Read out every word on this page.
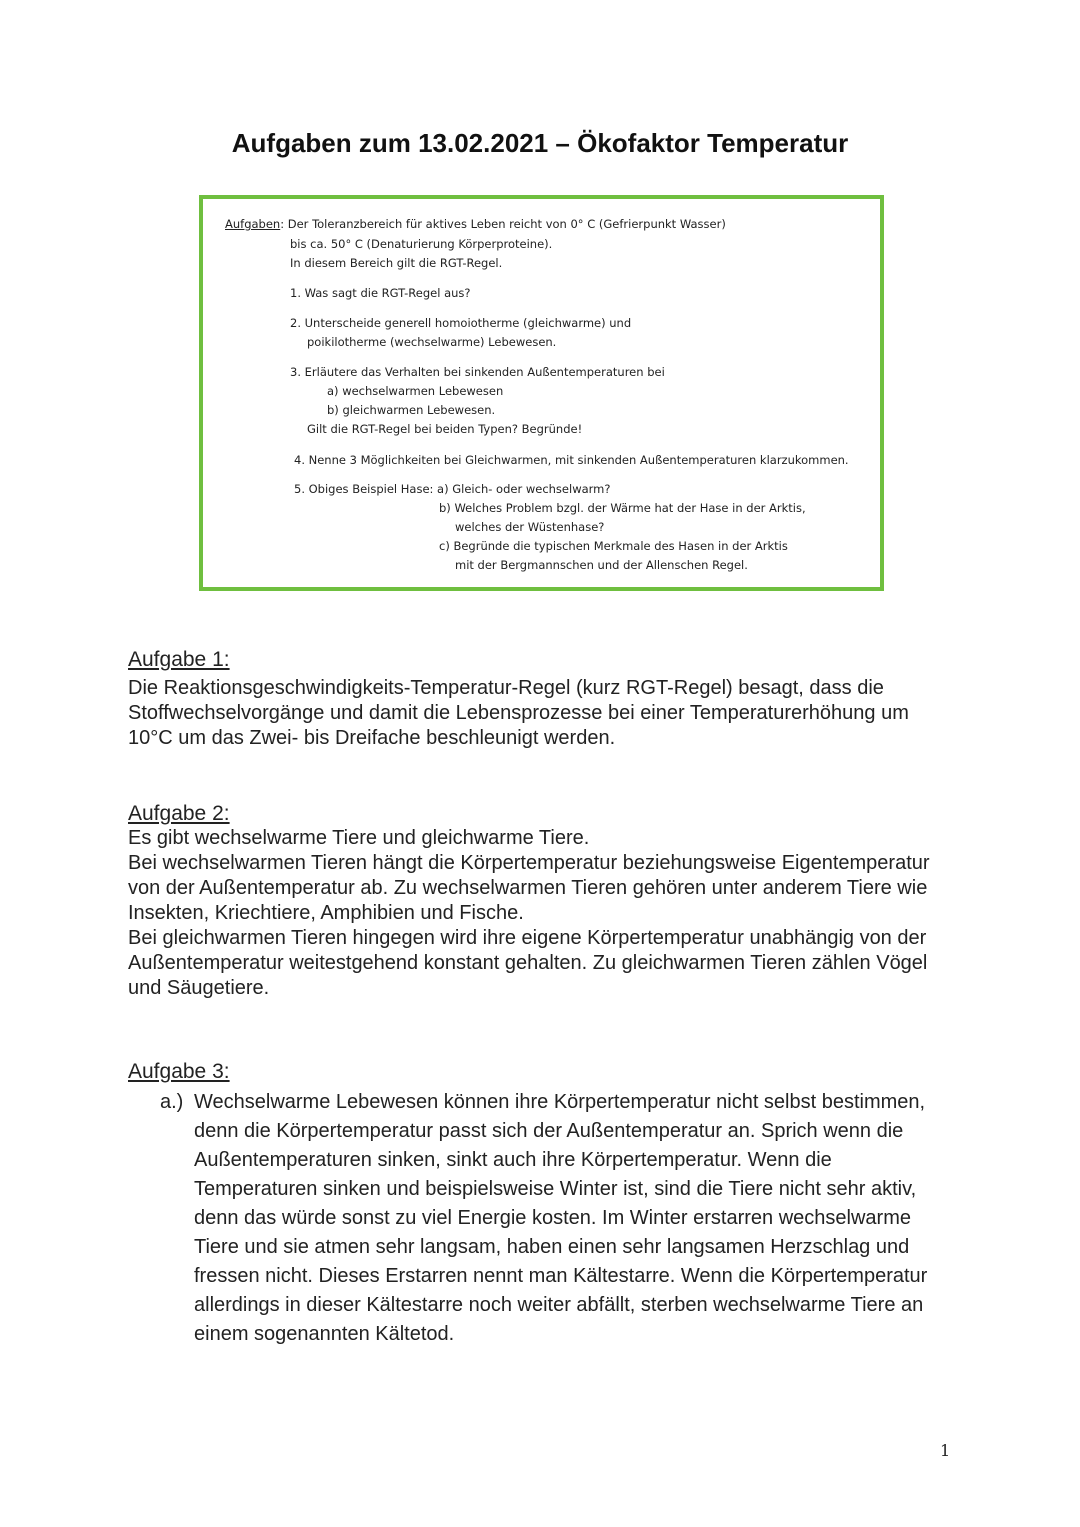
Aufgaben zum 13.02.2021 – Ökofaktor Temperatur
Aufgaben: Der Toleranzbereich für aktives Leben reicht von 0° C (Gefrierpunkt Wasser)
bis ca. 50° C (Denaturierung Körperproteine).
In diesem Bereich gilt die RGT-Regel.
1. Was sagt die RGT-Regel aus?
2. Unterscheide generell homoiotherme (gleichwarme) und
poikilotherme (wechselwarme) Lebewesen.
3. Erläutere das Verhalten bei sinkenden Außentemperaturen bei
a) wechselwarmen Lebewesen
b) gleichwarmen Lebewesen.
Gilt die RGT-Regel bei beiden Typen? Begründe!
4. Nenne 3 Möglichkeiten bei Gleichwarmen, mit sinkenden Außentemperaturen klarzukommen.
5. Obiges Beispiel Hase: a) Gleich- oder wechselwarm?
b) Welches Problem bzgl. der Wärme hat der Hase in der Arktis,
welches der Wüstenhase?
c) Begründe die typischen Merkmale des Hasen in der Arktis
mit der Bergmannschen und der Allenschen Regel.
Aufgabe 1:

Die Reaktionsgeschwindigkeits-Temperatur-Regel (kurz RGT-Regel) besagt, dass die Stoffwechselvorgänge und damit die Lebensprozesse bei einer Temperaturerhöhung um 10°C um das Zwei- bis Dreifache beschleunigt werden.

Aufgabe 2:

Es gibt wechselwarme Tiere und gleichwarme Tiere.

Bei wechselwarmen Tieren hängt die Körpertemperatur beziehungsweise Eigentemperatur von der Außentemperatur ab. Zu wechselwarmen Tieren gehören unter anderem Tiere wie Insekten, Kriechtiere, Amphibien und Fische.

Bei gleichwarmen Tieren hingegen wird ihre eigene Körpertemperatur unabhängig von der Außentemperatur weitestgehend konstant gehalten. Zu gleichwarmen Tieren zählen Vögel und Säugetiere.

Aufgabe 3:
a.) Wechselwarme Lebewesen können ihre Körpertemperatur nicht selbst bestimmen, denn die Körpertemperatur passt sich der Außentemperatur an. Sprich wenn die Außentemperaturen sinken, sinkt auch ihre Körpertemperatur. Wenn die Temperaturen sinken und beispielsweise Winter ist, sind die Tiere nicht sehr aktiv, denn das würde sonst zu viel Energie kosten. Im Winter erstarren wechselwarme Tiere und sie atmen sehr langsam, haben einen sehr langsamen Herzschlag und fressen nicht. Dieses Erstarren nennt man Kältestarre. Wenn die Körpertemperatur allerdings in dieser Kältestarre noch weiter abfällt, sterben wechselwarme Tiere an einem sogenannten Kältetod.
1
